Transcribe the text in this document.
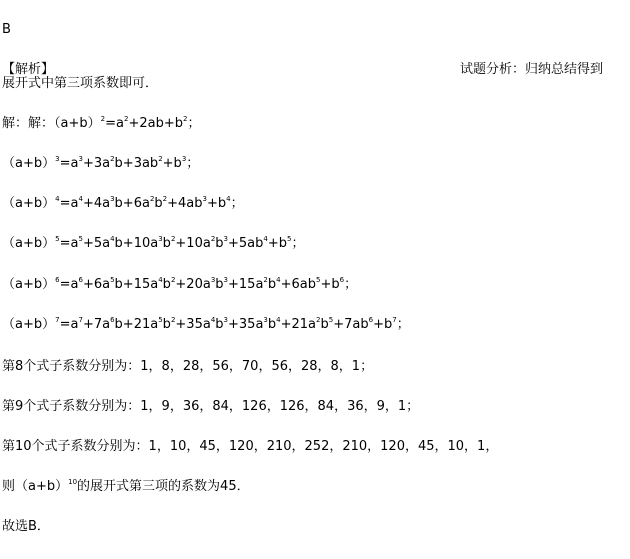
B
【解析】	试题分析：归纳总结得到
展开式中第三项系数即可．
解：解：$(a+b)^2=a^2+2ab+b^2$；
$(a+b)^3=a^3+3a^2b+3ab^2+b^3$；
$(a+b)^4=a^4+4a^3b+6a^2b^2+4ab^3+b^4$；
$(a+b)^5=a^5+5a^4b+10a^3b^2+10a^2b^3+5ab^4+b^5$；
$(a+b)^6=a^6+6a^5b+15a^4b^2+20a^3b^3+15a^2b^4+6ab^5+b^6$；
$(a+b)^7=a^7+7a^6b+21a^5b^2+35a^4b^3+35a^3b^4+21a^2b^5+7ab^6+b^7$；
第8个式子系数分别为：1，8，28，56，70，56，28，8，1；
第9个式子系数分别为：1，9，36，84，126，126，84，36，9，1；
第10个式子系数分别为：1，10，45，120，210，252，210，120，45，10，1，
则$(a+b)^{10}$的展开式第三项的系数为45．
故选B．
